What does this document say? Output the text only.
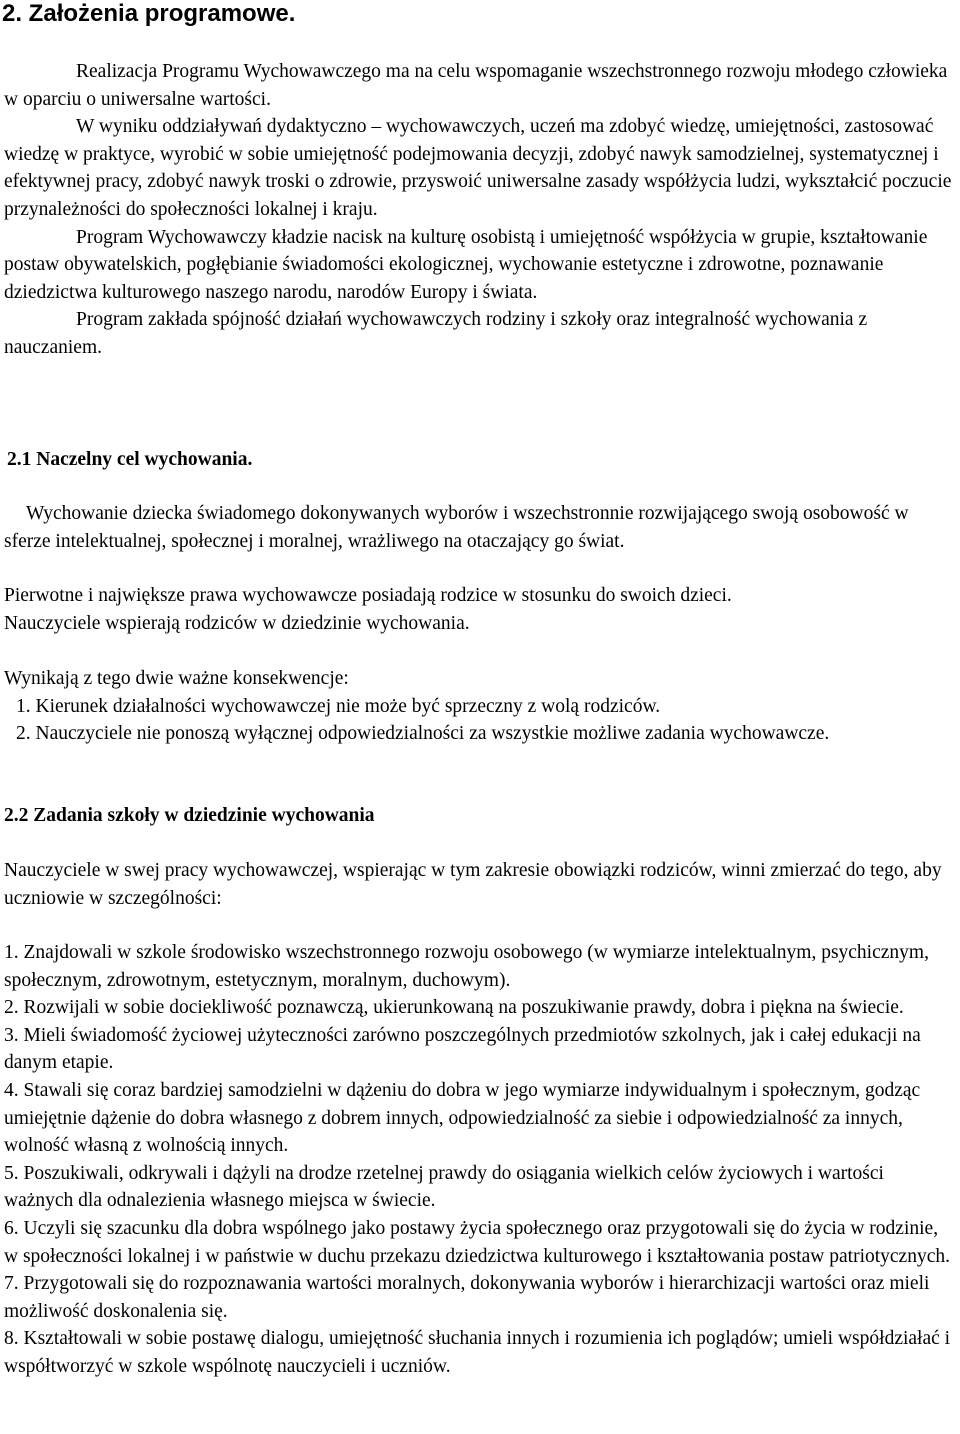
2. Założenia programowe.

Realizacja Programu Wychowawczego ma na celu wspomaganie wszechstronnego rozwoju młodego człowieka w oparciu o uniwersalne wartości.

W wyniku oddziaływań dydaktyczno – wychowawczych, uczeń ma zdobyć wiedzę, umiejętności, zastosować wiedzę w praktyce, wyrobić w sobie umiejętność podejmowania decyzji, zdobyć nawyk samodzielnej, systematycznej i efektywnej pracy, zdobyć nawyk troski o zdrowie, przyswoić uniwersalne zasady współżycia ludzi, wykształcić poczucie przynależności do społeczności lokalnej i kraju.

Program Wychowawczy kładzie nacisk na kulturę osobistą i umiejętność współżycia w grupie, kształtowanie postaw obywatelskich, pogłębianie świadomości ekologicznej, wychowanie estetyczne i zdrowotne, poznawanie dziedzictwa kulturowego naszego narodu, narodów Europy i świata.

Program zakłada spójność działań wychowawczych rodziny i szkoły oraz integralność wychowania z nauczaniem.

2.1 Naczelny cel wychowania.

Wychowanie dziecka świadomego dokonywanych wyborów i wszechstronnie rozwijającego swoją osobowość w sferze intelektualnej, społecznej i moralnej, wrażliwego na otaczający go świat.

Pierwotne i największe prawa wychowawcze posiadają rodzice w stosunku do swoich dzieci.

Nauczyciele wspierają rodziców w dziedzinie wychowania.

Wynikają z tego dwie ważne konsekwencje:

1. Kierunek działalności wychowawczej nie może być sprzeczny z wolą rodziców.
2. Nauczyciele nie ponoszą wyłącznej odpowiedzialności za wszystkie możliwe zadania wychowawcze.
2.2 Zadania szkoły w dziedzinie wychowania

Nauczyciele w swej pracy wychowawczej, wspierając w tym zakresie obowiązki rodziców, winni zmierzać do tego, aby uczniowie w szczególności:

1. Znajdowali w szkole środowisko wszechstronnego rozwoju osobowego (w wymiarze intelektualnym, psychicznym, społecznym, zdrowotnym, estetycznym, moralnym, duchowym).

2. Rozwijali w sobie dociekliwość poznawczą, ukierunkowaną na poszukiwanie prawdy, dobra i piękna na świecie.

3. Mieli świadomość życiowej użyteczności zarówno poszczególnych przedmiotów szkolnych, jak i całej edukacji na danym etapie.

4. Stawali się coraz bardziej samodzielni w dążeniu do dobra w jego wymiarze indywidualnym i społecznym, godząc umiejętnie dążenie do dobra własnego z dobrem innych, odpowiedzialność za siebie i odpowiedzialność za innych, wolność własną z wolnością innych.

5. Poszukiwali, odkrywali i dążyli na drodze rzetelnej prawdy do osiągania wielkich celów życiowych i wartości ważnych dla odnalezienia własnego miejsca w świecie.

6. Uczyli się szacunku dla dobra wspólnego jako postawy życia społecznego oraz przygotowali się do życia w rodzinie, w społeczności lokalnej i w państwie w duchu przekazu dziedzictwa kulturowego i kształtowania postaw patriotycznych.

7. Przygotowali się do rozpoznawania wartości moralnych, dokonywania wyborów i hierarchizacji wartości oraz mieli możliwość doskonalenia się.

8. Kształtowali w sobie postawę dialogu, umiejętność słuchania innych i rozumienia ich poglądów; umieli współdziałać i współtworzyć w szkole wspólnotę nauczycieli i uczniów.
